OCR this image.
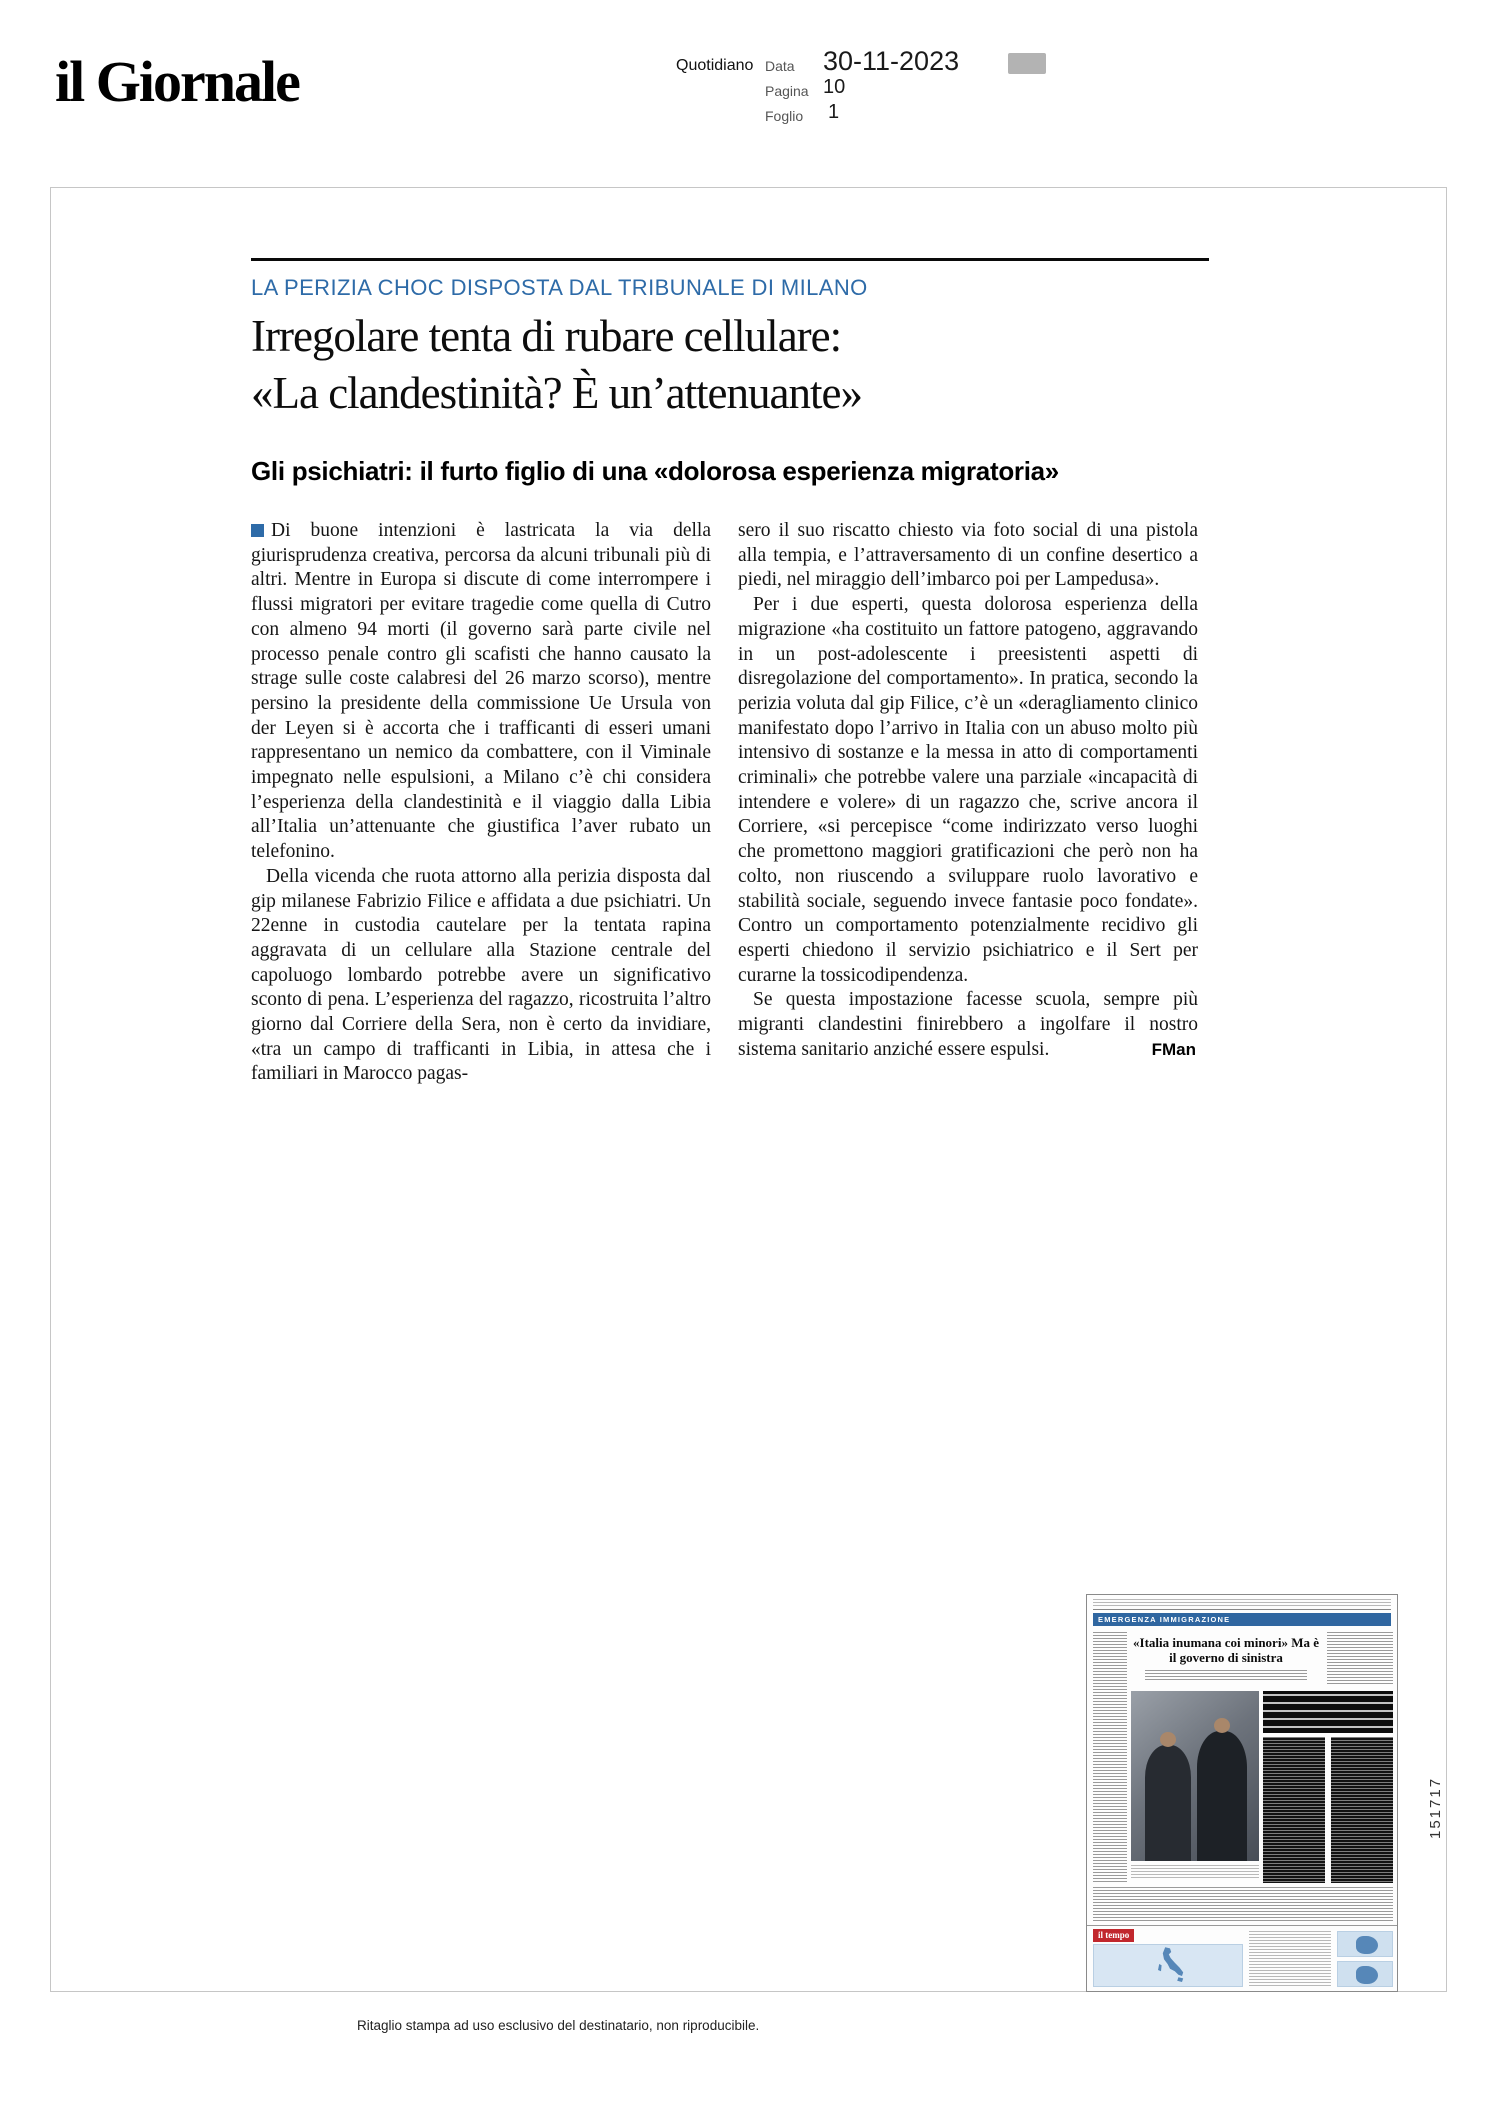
il Giornale	Quotidiano Data 30-11-2023
Pagina 10
Foglio 1
LA PERIZIA CHOC DISPOSTA DAL TRIBUNALE DI MILANO
Irregolare tenta di rubare cellulare:
«La clandestinità? È un’attenuante»
Gli psichiatri: il furto figlio di una «dolorosa esperienza migratoria»

Di buone intenzioni è lastricata la via della giurisprudenza creativa, percorsa da alcuni tribunali più di altri. Mentre in Europa si discute di come interrompere i flussi migratori per evitare tragedie come quella di Cutro con almeno 94 morti (il governo sarà parte civile nel processo penale contro gli scafisti che hanno causato la strage sulle coste calabresi del 26 marzo scorso), mentre persino la presidente della commissione Ue Ursula von der Leyen si è accorta che i trafficanti di esseri umani rappresentano un nemico da combattere, con il Viminale impegnato nelle espulsioni, a Milano c’è chi considera l’esperienza della clandestinità e il viaggio dalla Libia all’Italia un’attenuante che giustifica l’aver rubato un telefonino.

Della vicenda che ruota attorno alla perizia disposta dal gip milanese Fabrizio Filice e affidata a due psichiatri. Un 22enne in custodia cautelare per la tentata rapina aggravata di un cellulare alla Stazione centrale del capoluogo lombardo potrebbe avere un significativo sconto di pena. L’esperienza del ragazzo, ricostruita l’altro giorno dal Corriere della Sera, non è certo da invidiare, «tra un campo di trafficanti in Libia, in attesa che i familiari in Marocco pagas-

sero il suo riscatto chiesto via foto social di una pistola alla tempia, e l’attraversamento di un confine desertico a piedi, nel miraggio dell’imbarco poi per Lampedusa».

Per i due esperti, questa dolorosa esperienza della migrazione «ha costituito un fattore patogeno, aggravando in un post-adolescente i preesistenti aspetti di disregolazione del comportamento». In pratica, secondo la perizia voluta dal gip Filice, c’è un «deragliamento clinico manifestato dopo l’arrivo in Italia con un abuso molto più intensivo di sostanze e la messa in atto di comportamenti criminali» che potrebbe valere una parziale «incapacità di intendere e volere» di un ragazzo che, scrive ancora il Corriere, «si percepisce “come indirizzato verso luoghi che promettono maggiori gratificazioni che però non ha colto, non riuscendo a sviluppare ruolo lavorativo e stabilità sociale, seguendo invece fantasie poco fondate». Contro un comportamento potenzialmente recidivo gli esperti chiedono il servizio psichiatrico e il Sert per curarne la tossicodipendenza.

Se questa impostazione facesse scuola, sempre più migranti clandestini finirebbero a ingolfare il nostro sistema sanitario anziché essere espulsi.	FMan
EMERGENZA IMMIGRAZIONE
«Italia inumana coi minori» Ma è il governo di sinistra
il tempo
151717
Ritaglio stampa ad uso esclusivo del destinatario, non riproducibile.
